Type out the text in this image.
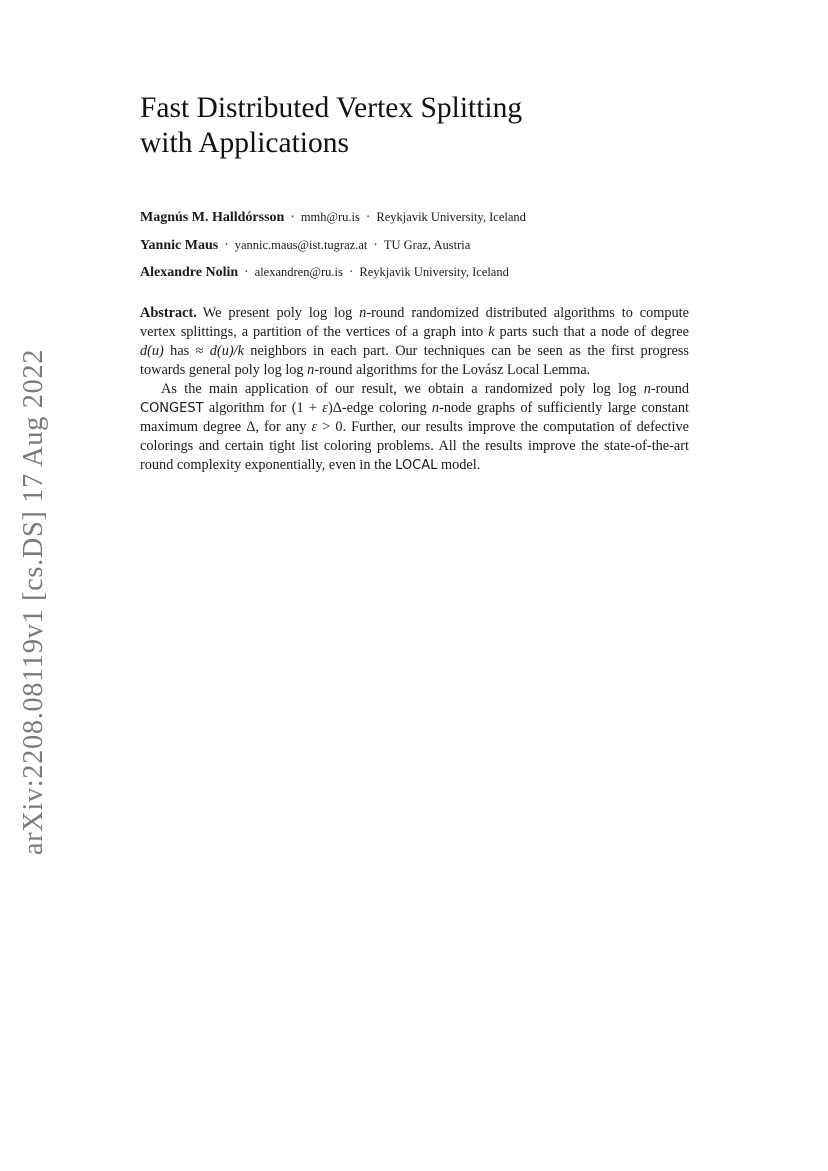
arXiv:2208.08119v1 [cs.DS] 17 Aug 2022
Fast Distributed Vertex Splitting
with Applications
Magnús M. Halldórsson · mmh@ru.is · Reykjavik University, Iceland
Yannic Maus · yannic.maus@ist.tugraz.at · TU Graz, Austria
Alexandre Nolin · alexandren@ru.is · Reykjavik University, Iceland

Abstract. We present poly log log n-round randomized distributed algorithms to compute vertex splittings, a partition of the vertices of a graph into k parts such that a node of degree d(u) has ≈ d(u)/k neighbors in each part. Our techniques can be seen as the first progress towards general poly log log n-round algorithms for the Lovász Local Lemma.

As the main application of our result, we obtain a randomized poly log log n-round CONGEST algorithm for (1 + ε)Δ-edge coloring n-node graphs of sufficiently large constant maximum degree Δ, for any ε > 0. Further, our results improve the computation of defective colorings and certain tight list coloring problems. All the results improve the state-of-the-art round complexity exponentially, even in the LOCAL model.
